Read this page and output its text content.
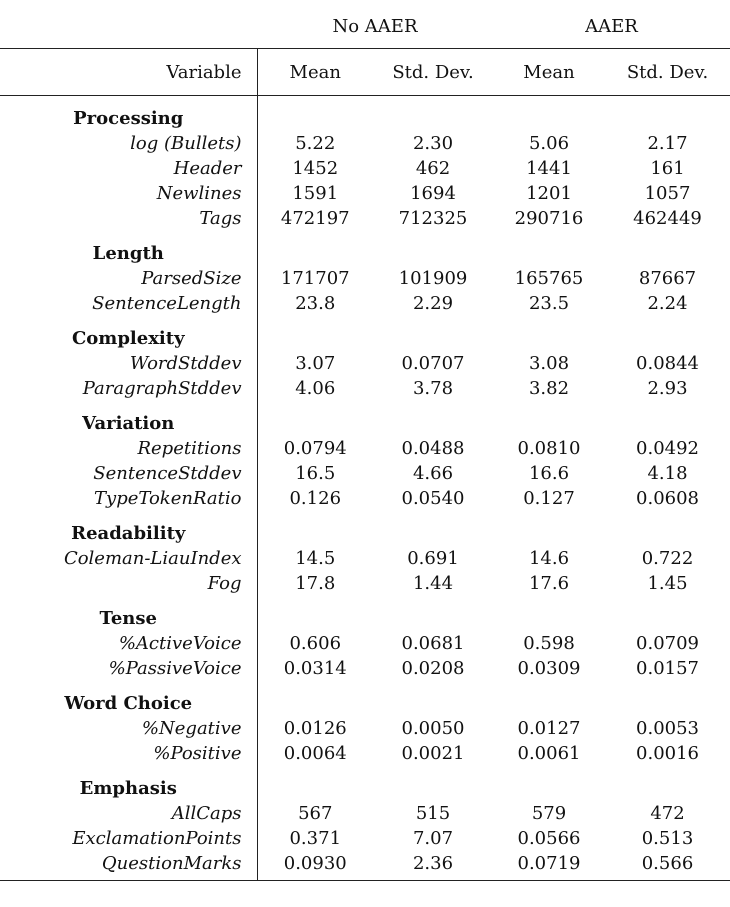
	No AAER		AAER	
Variable	Mean	Std. Dev.	Mean	Std. Dev.
Processing				
log (Bullets)	5.22	2.30	5.06	2.17
Header	1452	462	1441	161
Newlines	1591	1694	1201	1057
Tags	472197	712325	290716	462449
Length				
ParsedSize	171707	101909	165765	87667
SentenceLength	23.8	2.29	23.5	2.24
Complexity				
WordStddev	3.07	0.0707	3.08	0.0844
ParagraphStddev	4.06	3.78	3.82	2.93
Variation				
Repetitions	0.0794	0.0488	0.0810	0.0492
SentenceStddev	16.5	4.66	16.6	4.18
TypeTokenRatio	0.126	0.0540	0.127	0.0608
Readability				
Coleman-LiauIndex	14.5	0.691	14.6	0.722
Fog	17.8	1.44	17.6	1.45
Tense				
%ActiveVoice	0.606	0.0681	0.598	0.0709
%PassiveVoice	0.0314	0.0208	0.0309	0.0157
Word Choice				
%Negative	0.0126	0.0050	0.0127	0.0053
%Positive	0.0064	0.0021	0.0061	0.0016
Emphasis				
AllCaps	567	515	579	472
ExclamationPoints	0.371	7.07	0.0566	0.513
QuestionMarks	0.0930	2.36	0.0719	0.566
